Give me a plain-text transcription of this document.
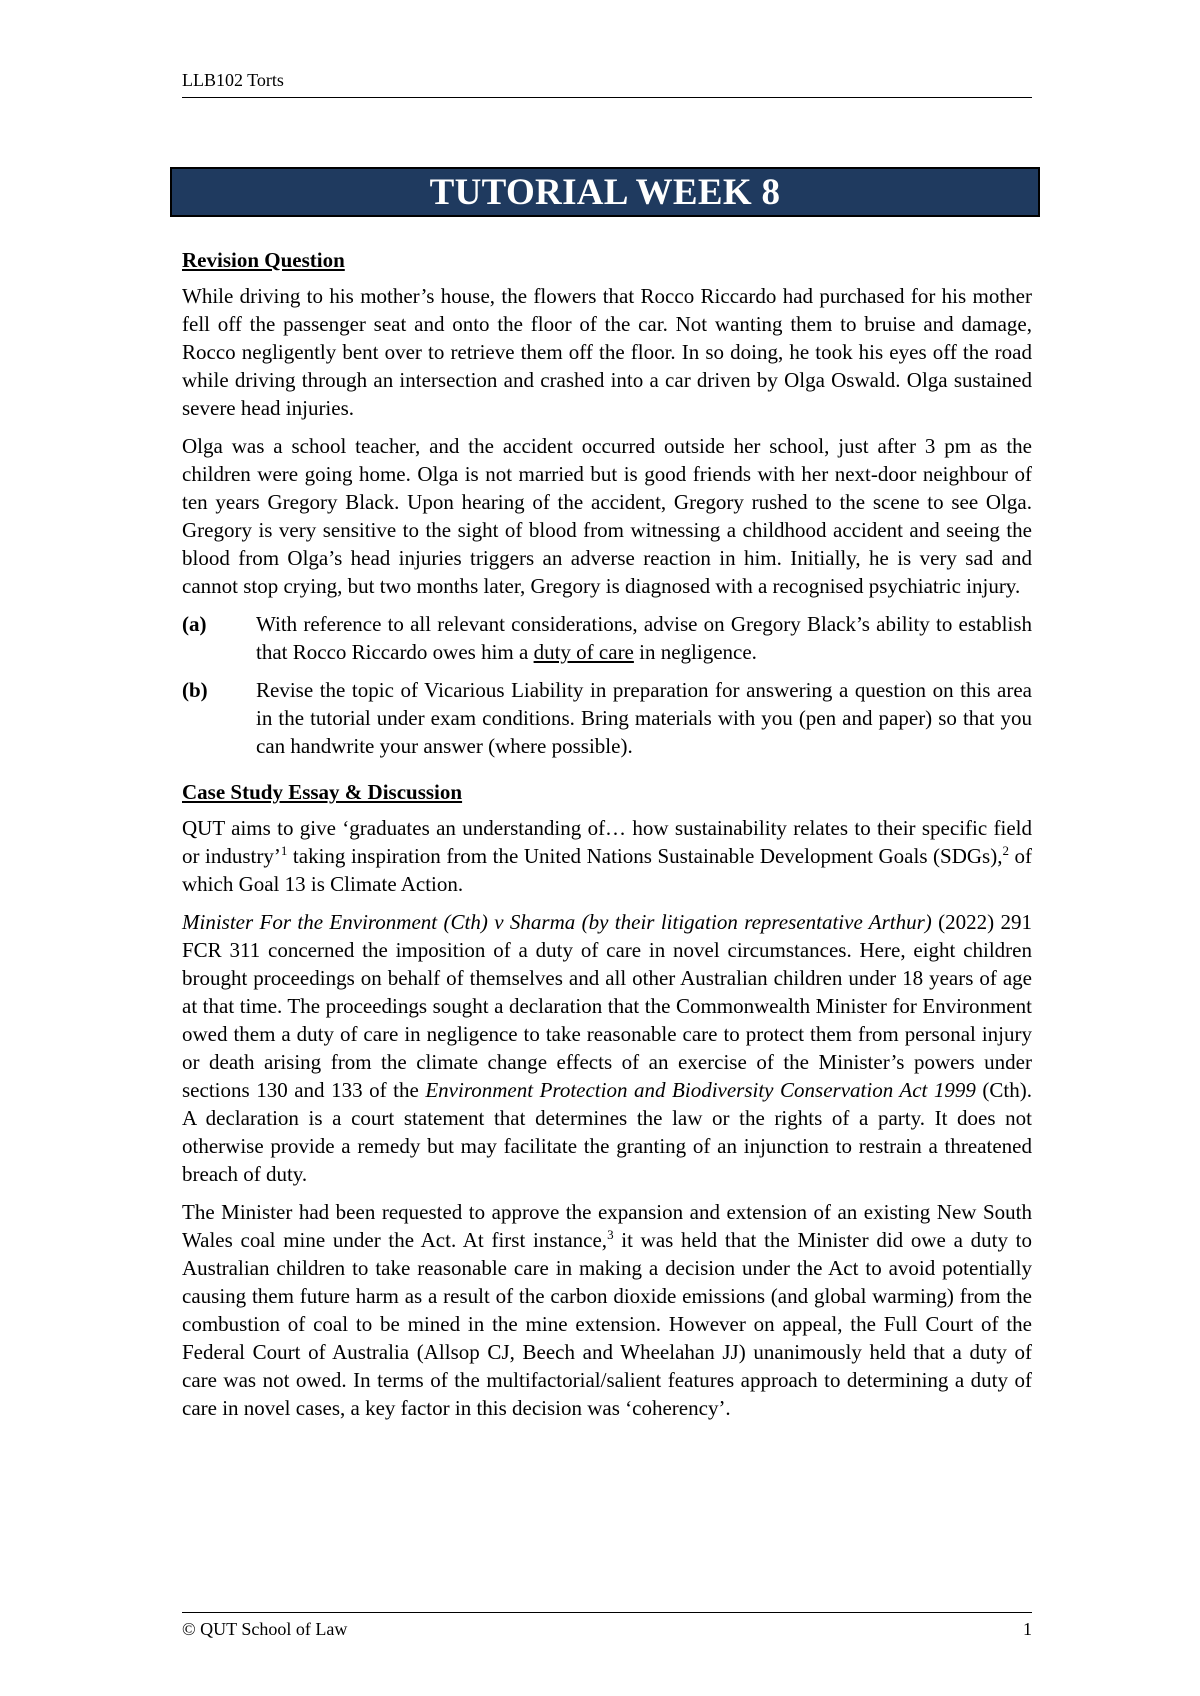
LLB102 Torts
TUTORIAL WEEK 8
Revision Question

While driving to his mother’s house, the flowers that Rocco Riccardo had purchased for his mother fell off the passenger seat and onto the floor of the car. Not wanting them to bruise and damage, Rocco negligently bent over to retrieve them off the floor. In so doing, he took his eyes off the road while driving through an intersection and crashed into a car driven by Olga Oswald. Olga sustained severe head injuries.

Olga was a school teacher, and the accident occurred outside her school, just after 3 pm as the children were going home. Olga is not married but is good friends with her next-door neighbour of ten years Gregory Black. Upon hearing of the accident, Gregory rushed to the scene to see Olga. Gregory is very sensitive to the sight of blood from witnessing a childhood accident and seeing the blood from Olga’s head injuries triggers an adverse reaction in him. Initially, he is very sad and cannot stop crying, but two months later, Gregory is diagnosed with a recognised psychiatric injury.

(a)	With reference to all relevant considerations, advise on Gregory Black’s ability to establish that Rocco Riccardo owes him a duty of care in negligence.
(b)	Revise the topic of Vicarious Liability in preparation for answering a question on this area in the tutorial under exam conditions. Bring materials with you (pen and paper) so that you can handwrite your answer (where possible).
Case Study Essay & Discussion

QUT aims to give ‘graduates an understanding of… how sustainability relates to their specific field or industry’$^1$ taking inspiration from the United Nations Sustainable Development Goals (SDGs),$^2$ of which Goal 13 is Climate Action.

Minister For the Environment (Cth) v Sharma (by their litigation representative Arthur) (2022) 291 FCR 311 concerned the imposition of a duty of care in novel circumstances. Here, eight children brought proceedings on behalf of themselves and all other Australian children under 18 years of age at that time. The proceedings sought a declaration that the Commonwealth Minister for Environment owed them a duty of care in negligence to take reasonable care to protect them from personal injury or death arising from the climate change effects of an exercise of the Minister’s powers under sections 130 and 133 of the Environment Protection and Biodiversity Conservation Act 1999 (Cth). A declaration is a court statement that determines the law or the rights of a party. It does not otherwise provide a remedy but may facilitate the granting of an injunction to restrain a threatened breach of duty.

The Minister had been requested to approve the expansion and extension of an existing New South Wales coal mine under the Act. At first instance,$^3$ it was held that the Minister did owe a duty to Australian children to take reasonable care in making a decision under the Act to avoid potentially causing them future harm as a result of the carbon dioxide emissions (and global warming) from the combustion of coal to be mined in the mine extension. However on appeal, the Full Court of the Federal Court of Australia (Allsop CJ, Beech and Wheelahan JJ) unanimously held that a duty of care was not owed. In terms of the multifactorial/salient features approach to determining a duty of care in novel cases, a key factor in this decision was ‘coherency’.

© QUT School of Law	1
